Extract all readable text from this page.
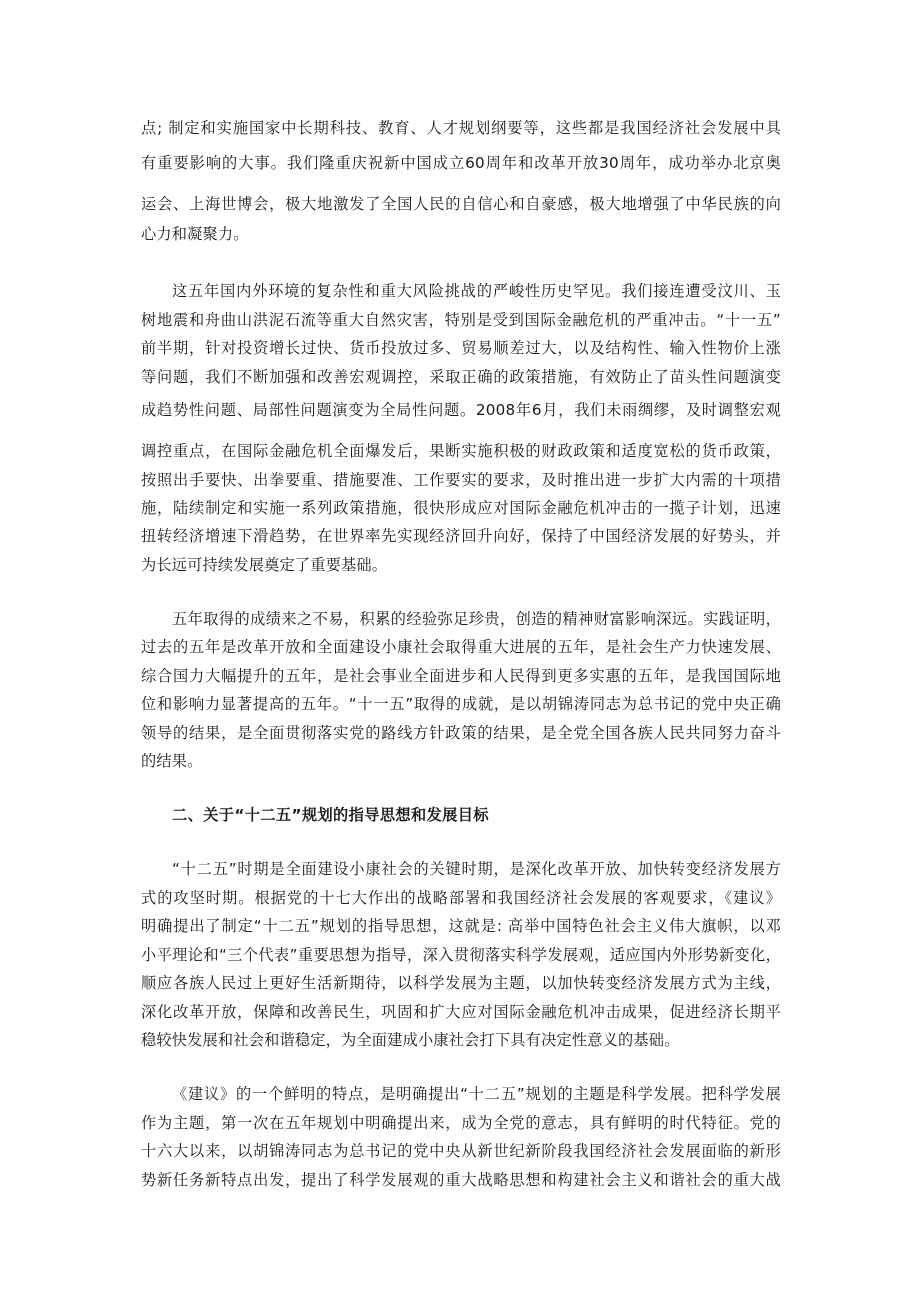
点; 制定和实施国家中长期科技、教育、人才规划纲要等，这些都是我国经济社会发展中具
有重要影响的大事。我们隆重庆祝新中国成立60周年和改革开放30周年，成功举办北京奥
运会、上海世博会，极大地激发了全国人民的自信心和自豪感，极大地增强了中华民族的向
心力和凝聚力。
这五年国内外环境的复杂性和重大风险挑战的严峻性历史罕见。我们接连遭受汶川、玉
树地震和舟曲山洪泥石流等重大自然灾害，特别是受到国际金融危机的严重冲击。“十一五”
前半期，针对投资增长过快、货币投放过多、贸易顺差过大，以及结构性、输入性物价上涨
等问题，我们不断加强和改善宏观调控，采取正确的政策措施，有效防止了苗头性问题演变
成趋势性问题、局部性问题演变为全局性问题。2008年6月，我们未雨绸缪，及时调整宏观
调控重点，在国际金融危机全面爆发后，果断实施积极的财政政策和适度宽松的货币政策，
按照出手要快、出拳要重、措施要准、工作要实的要求，及时推出进一步扩大内需的十项措
施，陆续制定和实施一系列政策措施，很快形成应对国际金融危机冲击的一揽子计划，迅速
扭转经济增速下滑趋势，在世界率先实现经济回升向好，保持了中国经济发展的好势头，并
为长远可持续发展奠定了重要基础。
五年取得的成绩来之不易，积累的经验弥足珍贵，创造的精神财富影响深远。实践证明，
过去的五年是改革开放和全面建设小康社会取得重大进展的五年，是社会生产力快速发展、
综合国力大幅提升的五年，是社会事业全面进步和人民得到更多实惠的五年，是我国国际地
位和影响力显著提高的五年。“十一五”取得的成就，是以胡锦涛同志为总书记的党中央正确
领导的结果，是全面贯彻落实党的路线方针政策的结果，是全党全国各族人民共同努力奋斗
的结果。
二、关于“十二五”规划的指导思想和发展目标
“十二五”时期是全面建设小康社会的关键时期，是深化改革开放、加快转变经济发展方
式的攻坚时期。根据党的十七大作出的战略部署和我国经济社会发展的客观要求，《建议》
明确提出了制定“十二五”规划的指导思想，这就是: 高举中国特色社会主义伟大旗帜，以邓
小平理论和“三个代表”重要思想为指导，深入贯彻落实科学发展观，适应国内外形势新变化，
顺应各族人民过上更好生活新期待，以科学发展为主题，以加快转变经济发展方式为主线，
深化改革开放，保障和改善民生，巩固和扩大应对国际金融危机冲击成果，促进经济长期平
稳较快发展和社会和谐稳定，为全面建成小康社会打下具有决定性意义的基础。
《建议》的一个鲜明的特点，是明确提出“十二五”规划的主题是科学发展。把科学发展
作为主题，第一次在五年规划中明确提出来，成为全党的意志，具有鲜明的时代特征。党的
十六大以来，以胡锦涛同志为总书记的党中央从新世纪新阶段我国经济社会发展面临的新形
势新任务新特点出发，提出了科学发展观的重大战略思想和构建社会主义和谐社会的重大战
